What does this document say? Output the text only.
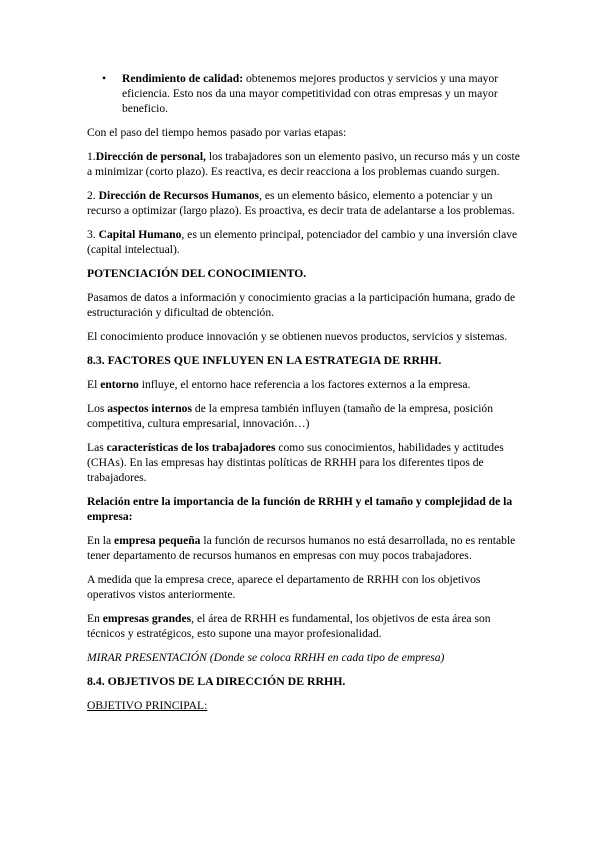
• Rendimiento de calidad: obtenemos mejores productos y servicios y una mayor eficiencia. Esto nos da una mayor competitividad con otras empresas y un mayor beneficio.

Con el paso del tiempo hemos pasado por varias etapas:

1.Dirección de personal, los trabajadores son un elemento pasivo, un recurso más y un coste a minimizar (corto plazo). Es reactiva, es decir reacciona a los problemas cuando surgen.

2. Dirección de Recursos Humanos, es un elemento básico, elemento a potenciar y un recurso a optimizar (largo plazo). Es proactiva, es decir trata de adelantarse a los problemas.

3. Capital Humano, es un elemento principal, potenciador del cambio y una inversión clave (capital intelectual).

POTENCIACIÓN DEL CONOCIMIENTO.

Pasamos de datos a información y conocimiento gracias a la participación humana, grado de estructuración y dificultad de obtención.

El conocimiento produce innovación y se obtienen nuevos productos, servicios y sistemas.

8.3. FACTORES QUE INFLUYEN EN LA ESTRATEGIA DE RRHH.

El entorno influye, el entorno hace referencia a los factores externos a la empresa.

Los aspectos internos de la empresa también influyen (tamaño de la empresa, posición competitiva, cultura empresarial, innovación…)

Las características de los trabajadores como sus conocimientos, habilidades y actitudes (CHAs). En las empresas hay distintas políticas de RRHH para los diferentes tipos de trabajadores.

Relación entre la importancia de la función de RRHH y el tamaño y complejidad de la empresa:

En la empresa pequeña la función de recursos humanos no está desarrollada, no es rentable tener departamento de recursos humanos en empresas con muy pocos trabajadores.

A medida que la empresa crece, aparece el departamento de RRHH con los objetivos operativos vistos anteriormente.

En empresas grandes, el área de RRHH es fundamental, los objetivos de esta área son técnicos y estratégicos, esto supone una mayor profesionalidad.

MIRAR PRESENTACIÓN (Donde se coloca RRHH en cada tipo de empresa)

8.4. OBJETIVOS DE LA DIRECCIÓN DE RRHH.

OBJETIVO PRINCIPAL:
